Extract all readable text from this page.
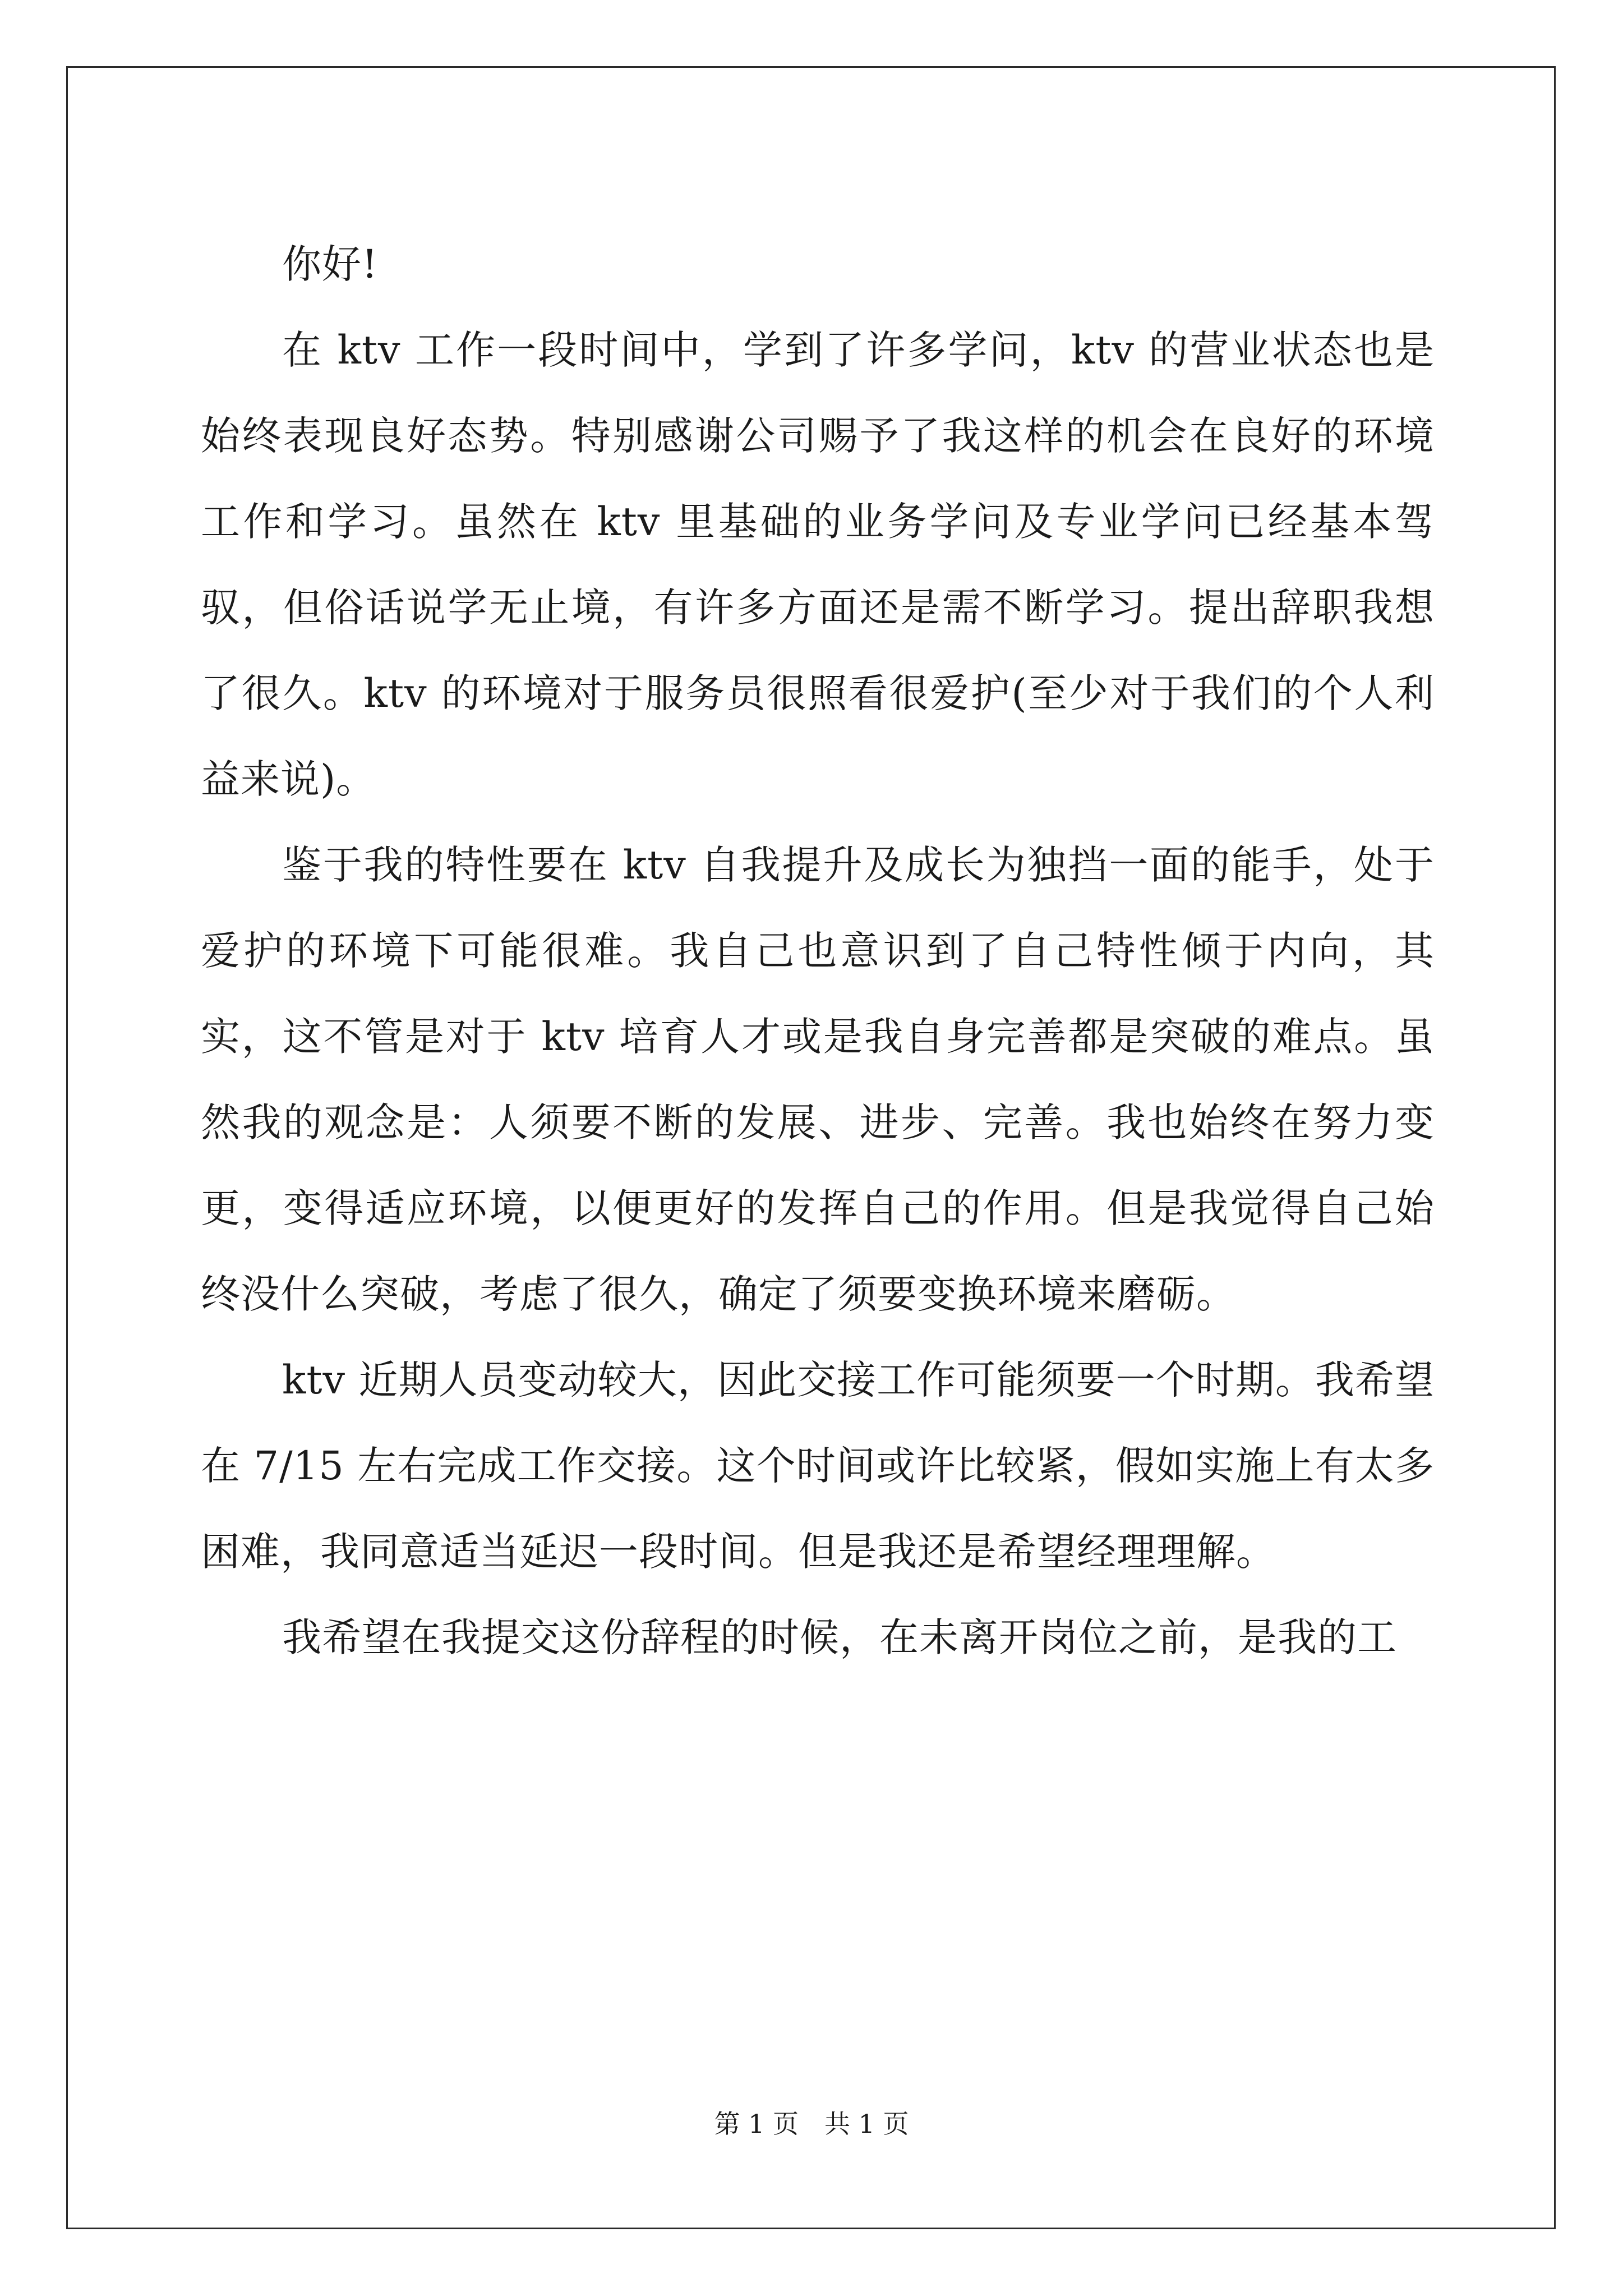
你好!

在 ktv 工作一段时间中，学到了许多学问，ktv 的营业状态也是始终表现良好态势。特别感谢公司赐予了我这样的机会在良好的环境工作和学习。虽然在 ktv 里基础的业务学问及专业学问已经基本驾驭，但俗话说学无止境，有许多方面还是需不断学习。提出辞职我想了很久。ktv 的环境对于服务员很照看很爱护(至少对于我们的个人利益来说)。

鉴于我的特性要在 ktv 自我提升及成长为独挡一面的能手，处于爱护的环境下可能很难。我自己也意识到了自己特性倾于内向，其实，这不管是对于 ktv 培育人才或是我自身完善都是突破的难点。虽然我的观念是：人须要不断的发展、进步、完善。我也始终在努力变更，变得适应环境，以便更好的发挥自己的作用。但是我觉得自己始终没什么突破，考虑了很久，确定了须要变换环境来磨砺。

ktv 近期人员变动较大，因此交接工作可能须要一个时期。我希望在 7/15 左右完成工作交接。这个时间或许比较紧，假如实施上有太多困难，我同意适当延迟一段时间。但是我还是希望经理理解。

我希望在我提交这份辞程的时候，在未离开岗位之前，是我的工

第 1 页　共 1 页
